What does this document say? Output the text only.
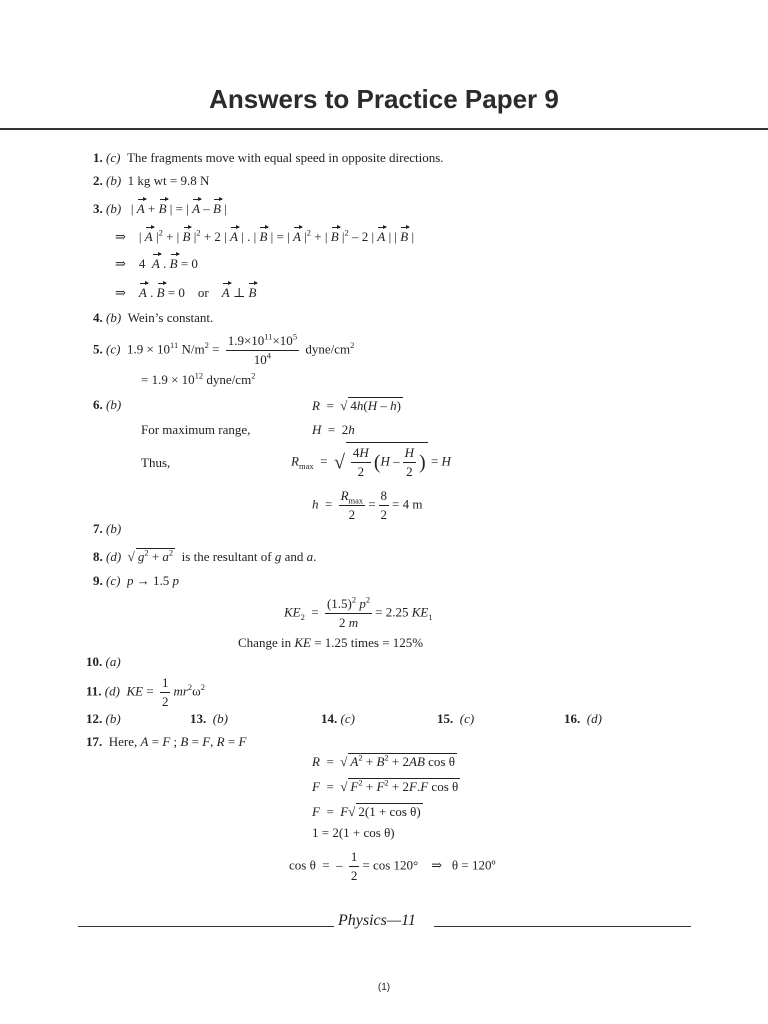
Answers to Practice Paper 9
1. (c) The fragments move with equal speed in opposite directions.
2. (b) 1 kg wt = 9.8 N
3. (b)   | A + B | = | A – B |
⇒    | A $|^2$ + | B $|^2 + 2$ | A | . | B | = | A $|^2$ + | B $|^2 - 2$ | A | | B |
⇒    4  A . B = 0
⇒ A . B = 0 or A ⊥ B
4. (b) Wein’s constant.
5. (c)  $1.9 \times 10^{11}$ $N/m^2 = \frac{1.9\times 10^{11}\times 10^5}{10^4}$ dyne/$cm^2$
= $1.9 \times 10^{12}$ dyne/$cm^2$
6. (b)	R  =  √ 4h(H – h)
For maximum range,	H  =  2h
Thus,	$R_{max}$  =  √ $\frac{4H}{2} (H - \frac{H}{2}$ ) = H
$h = \frac{R_{max}}{2} = \frac{8}{2} = 4$ m
7. (b)
8. (d)  √ $g^2 + a^2$ is the resultant of g and a.
9. (c) p → 1.5 p
$KE_2 = \frac{(1.5)^2 p^2}{2 m} = 2.25$ $KE_1$
Change in KE = 1.25 times = 125%
10. (a)
11. (d) KE = $\frac{1}{2} mr^2\omega^2$
12. (b)	13. (b)	14. (c)	15. (c)	16. (d)
17. Here, A = F ; B = F, R = F
R  =  √ $A^2 + B^2 + 2AB$ cos θ
F  =  √ $F^2 + F^2 + 2F.F$ cos θ
F  =  F√ 2(1 + cos θ)
1 = 2(1 + cos θ)
cos θ  =  – $\frac{1}{2} = \cos 120^\circ$    ⇒   θ = 120º
Physics—11
(1)
